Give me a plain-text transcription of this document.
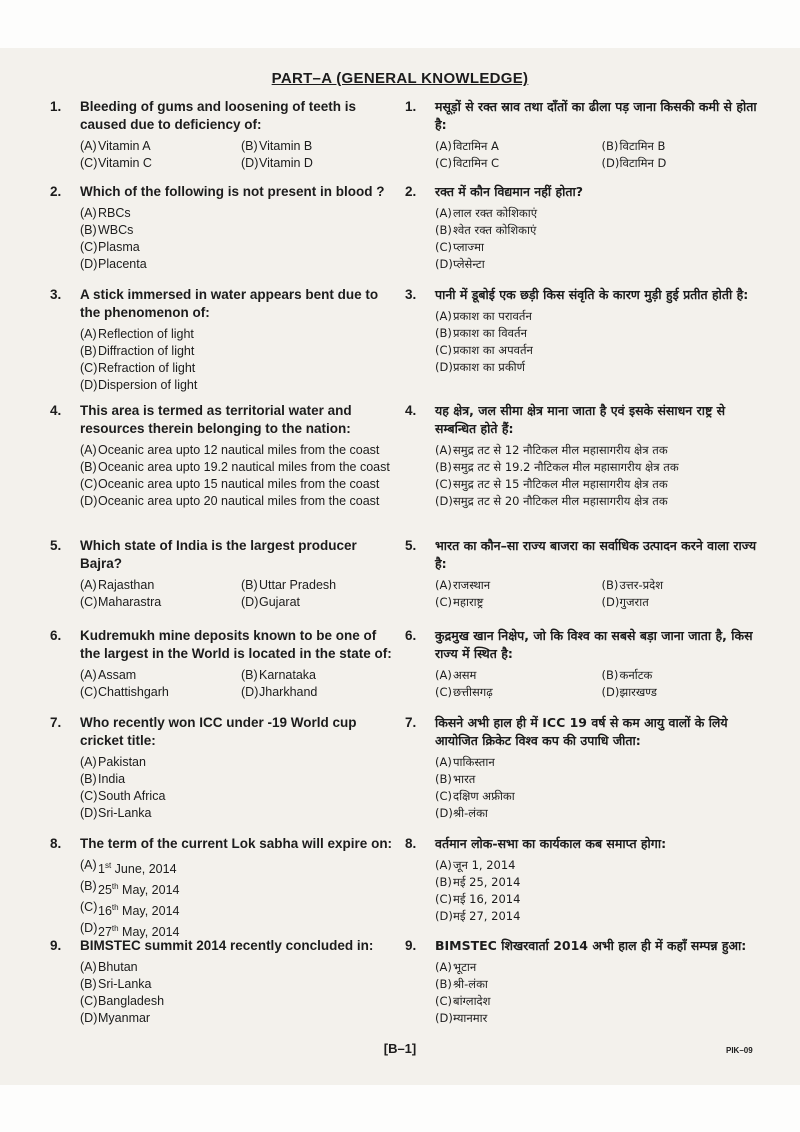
PART–A (GENERAL KNOWLEDGE)
1.	Bleeding of gums and loosening of teeth is caused due to deficiency of:
(A) Vitamin A	(B) Vitamin B
(C) Vitamin C	(D) Vitamin D
2.	Which of the following is not present in blood ?
(A) RBCs
(B) WBCs
(C) Plasma
(D) Placenta
3.	A stick immersed in water appears bent due to the phenomenon of:
(A) Reflection of light
(B) Diffraction of light
(C) Refraction of light
(D) Dispersion of light
4.	This area is termed as territorial water and resources therein belonging to the nation:
(A) Oceanic area upto 12 nautical miles from the coast
(B) Oceanic area upto 19.2 nautical miles from the coast
(C) Oceanic area upto 15 nautical miles from the coast
(D) Oceanic area upto 20 nautical miles from the coast
5.	Which state of India is the largest producer Bajra?
(A) Rajasthan	(B) Uttar Pradesh
(C) Maharastra	(D) Gujarat
6.	Kudremukh mine deposits known to be one of the largest in the World is located in the state of:
(A) Assam	(B) Karnataka
(C) Chattishgarh	(D) Jharkhand
7.	Who recently won ICC under -19 World cup cricket title:
(A) Pakistan
(B) India
(C) South Africa
(D) Sri-Lanka
8.	The term of the current Lok sabha will expire on:
(A) 1st June, 2014
(B) 25th May, 2014
(C) 16th May, 2014
(D) 27th May, 2014
9.	BIMSTEC summit 2014 recently concluded in:
(A) Bhutan
(B) Sri-Lanka
(C) Bangladesh
(D) Myanmar
1.	मसूड़ों से रक्त स्राव तथा दाँतों का ढीला पड़ जाना किसकी कमी से होता है:
(A) विटामिन A	(B) विटामिन B
(C) विटामिन C	(D) विटामिन D
2.	रक्त में कौन विद्यमान नहीं होता?
(A) लाल रक्त कोशिकाएं
(B) श्वेत रक्त कोशिकाएं
(C) प्लाज्मा
(D) प्लेसेन्टा
3.	पानी में डूबोई एक छड़ी किस संवृति के कारण मुड़ी हुई प्रतीत होती है:
(A) प्रकाश का परावर्तन
(B) प्रकाश का विवर्तन
(C) प्रकाश का अपवर्तन
(D) प्रकाश का प्रकीर्ण
4.	यह क्षेत्र, जल सीमा क्षेत्र माना जाता है एवं इसके संसाधन राष्ट्र से सम्बन्धित होते हैं:
(A) समुद्र तट से 12 नौटिकल मील महासागरीय क्षेत्र तक
(B) समुद्र तट से 19.2 नौटिकल मील महासागरीय क्षेत्र तक
(C) समुद्र तट से 15 नौटिकल मील महासागरीय क्षेत्र तक
(D) समुद्र तट से 20 नौटिकल मील महासागरीय क्षेत्र तक
5.	भारत का कौन–सा राज्य बाजरा का सर्वाधिक उत्पादन करने वाला राज्य है:
(A) राजस्थान	(B) उत्तर-प्रदेश
(C) महाराष्ट्र	(D) गुजरात
6.	कुद्रमुख खान निक्षेप, जो कि विश्व का सबसे बड़ा जाना जाता है, किस राज्य में स्थित है:
(A) असम	(B) कर्नाटक
(C) छत्तीसगढ़	(D) झारखण्ड
7.	किसने अभी हाल ही में ICC 19 वर्ष से कम आयु वालों के लिये आयोजित क्रिकेट विश्व कप की उपाधि जीता:
(A) पाकिस्तान
(B) भारत
(C) दक्षिण अफ्रीका
(D) श्री-लंका
8.	वर्तमान लोक-सभा का कार्यकाल कब समाप्त होगा:
(A) जून 1, 2014
(B) मई 25, 2014
(C) मई 16, 2014
(D) मई 27, 2014
9.	BIMSTEC शिखरवार्ता 2014 अभी हाल ही में कहाँ सम्पन्न हुआ:
(A) भूटान
(B) श्री-लंका
(C) बांग्लादेश
(D) म्यानमार
[B–1]	PIK–09
